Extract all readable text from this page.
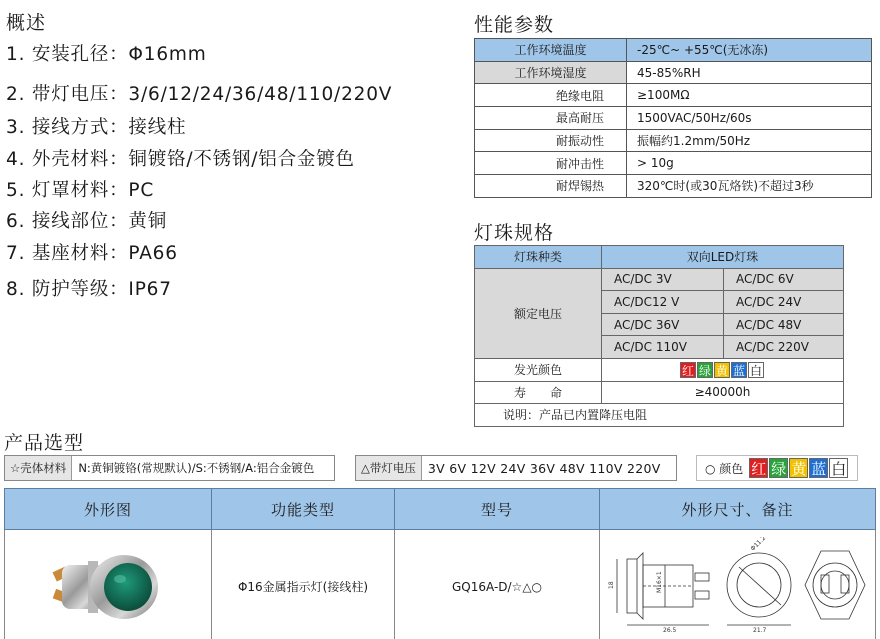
概述
1. 安装孔径：Φ16mm
2. 带灯电压：3/6/12/24/36/48/110/220V
3. 接线方式：接线柱
4. 外壳材料：铜镀铬/不锈钢/铝合金镀色
5. 灯罩材料：PC
6. 接线部位：黄铜
7. 基座材料：PA66
8. 防护等级：IP67
性能参数
工作环境温度	-25℃~ +55℃(无冰冻)
工作环境湿度	45-85%RH
绝缘电阻	≥100MΩ
最高耐压	1500VAC/50Hz/60s
耐振动性	振幅约1.2mm/50Hz
耐冲击性	> 10g
耐焊锡热	320℃时(或30瓦烙铁)不超过3秒
灯珠规格
灯珠种类	双向LED灯珠	
额定电压	AC/DC 3V	AC/DC 6V
	AC/DC12 V	AC/DC 24V
	AC/DC 36V	AC/DC 48V
	AC/DC 110V	AC/DC 220V
发光颜色	红 绿 黄 蓝 白	
寿　　命	≥40000h	
说明：产品已内置降压电阻		
产品选型
☆壳体材料	N:黄铜镀铬(常规默认)/S:不锈钢/A:铝合金镀色	△带灯电压 3V 6V 12V 24V 36V 48V 110V 220V	○ 颜色 红 绿 黄 蓝 白
外形图	功能类型	型号	外形尺寸、备注
	Φ16金属指示灯(接线柱)	GQ16A-D/☆△○	18 M16×1
26.5
Φ11.2
21.7
